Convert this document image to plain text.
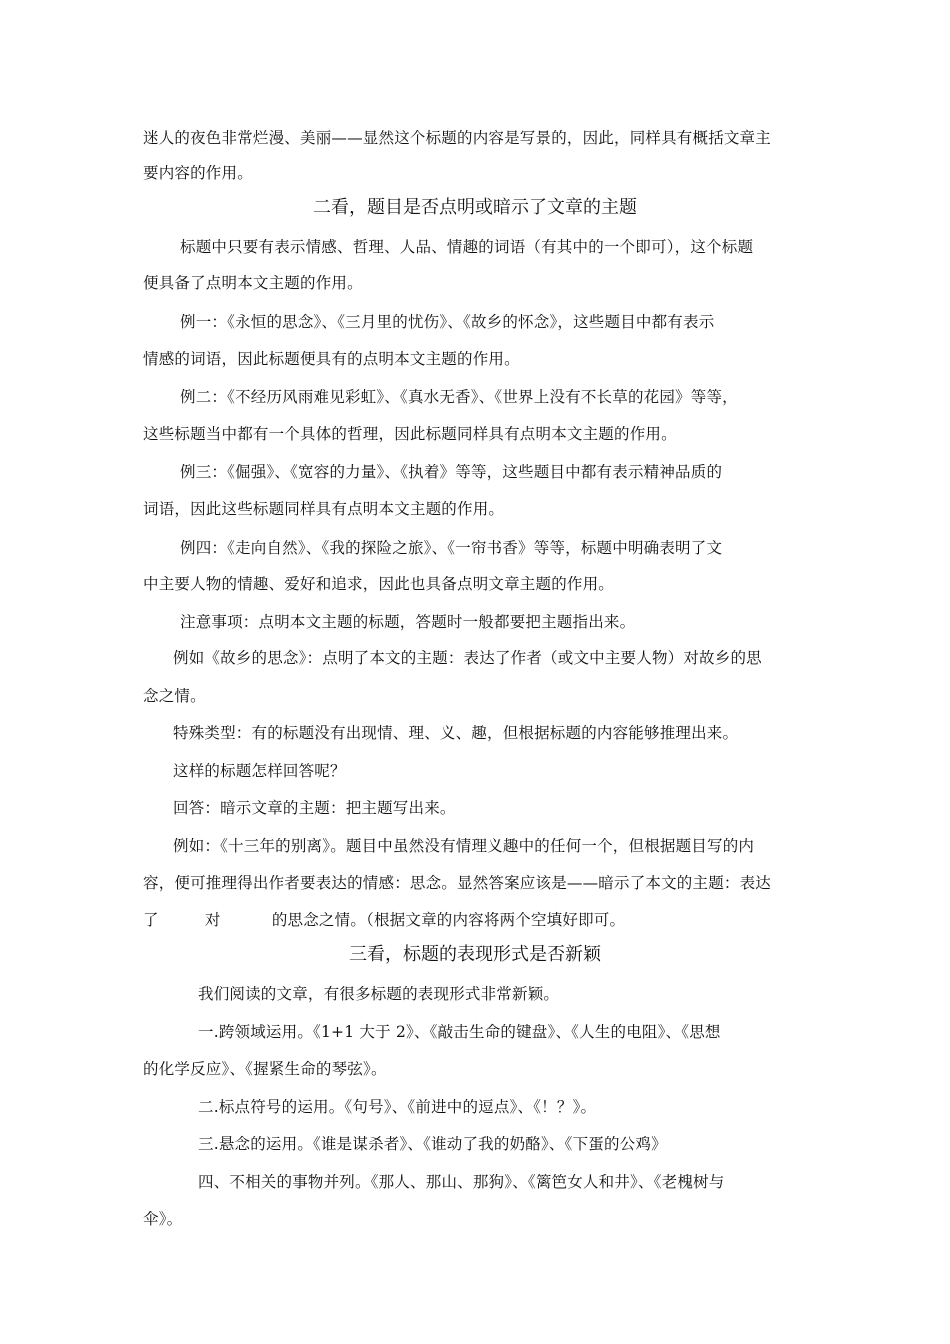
迷人的夜色非常烂漫、美丽——显然这个标题的内容是写景的，因此，同样具有概括文章主
要内容的作用。
二看，题目是否点明或暗示了文章的主题
标题中只要有表示情感、哲理、人品、情趣的词语（有其中的一个即可），这个标题
便具备了点明本文主题的作用。
例一：《永恒的思念》、《三月里的忧伤》、《故乡的怀念》，这些题目中都有表示
情感的词语，因此标题便具有的点明本文主题的作用。
例二：《不经历风雨难见彩虹》、《真水无香》、《世界上没有不长草的花园》等等，
这些标题当中都有一个具体的哲理，因此标题同样具有点明本文主题的作用。
例三：《倔强》、《宽容的力量》、《执着》等等，这些题目中都有表示精神品质的
词语，因此这些标题同样具有点明本文主题的作用。
例四：《走向自然》、《我的探险之旅》、《一帘书香》等等，标题中明确表明了文
中主要人物的情趣、爱好和追求，因此也具备点明文章主题的作用。
注意事项：点明本文主题的标题，答题时一般都要把主题指出来。
例如《故乡的思念》：点明了本文的主题：表达了作者（或文中主要人物）对故乡的思
念之情。
特殊类型：有的标题没有出现情、理、义、趣，但根据标题的内容能够推理出来。
这样的标题怎样回答呢？
回答：暗示文章的主题：把主题写出来。
例如：《十三年的别离》。题目中虽然没有情理义趣中的任何一个，但根据题目写的内
容，便可推理得出作者要表达的情感：思念。显然答案应该是——暗示了本文的主题：表达
了         对          的思念之情。（根据文章的内容将两个空填好即可。
三看，标题的表现形式是否新颖
我们阅读的文章，有很多标题的表现形式非常新颖。
一.跨领域运用。《1+1 大于 2》、《敲击生命的键盘》、《人生的电阻》、《思想
的化学反应》、《握紧生命的琴弦》。
二.标点符号的运用。《句号》、《前进中的逗点》、《！？》。
三.悬念的运用。《谁是谋杀者》、《谁动了我的奶酪》、《下蛋的公鸡》
四、不相关的事物并列。《那人、那山、那狗》、《篱笆女人和井》、《老槐树与
伞》。
